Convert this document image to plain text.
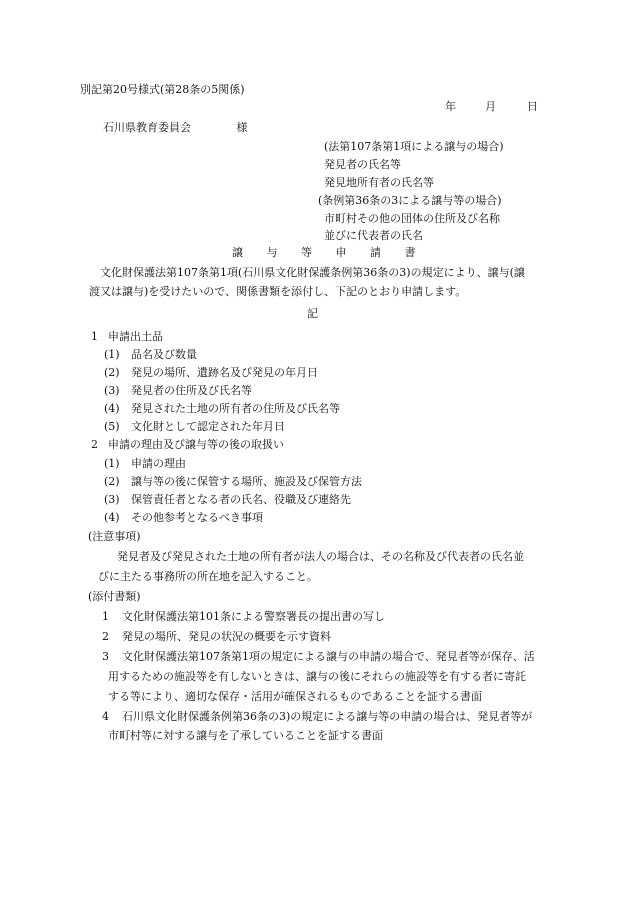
別記第20号様式(第28条の5関係)
年	月	日
石川県教育委員会	様
(法第107条第1項による譲与の場合)
発見者の氏名等
発見地所有者の氏名等
(条例第36条の3による譲与等の場合)
市町村その他の団体の住所及び名称
並びに代表者の氏名
譲 与 等 申 請 書
文化財保護法第107条第1項(石川県文化財保護条例第36条の3)の規定により、譲与(譲
渡又は譲与)を受けたいので、関係書類を添付し、下記のとおり申請します。
記
1 申請出土品
(1) 品名及び数量
(2) 発見の場所、遺跡名及び発見の年月日
(3) 発見者の住所及び氏名等
(4) 発見された土地の所有者の住所及び氏名等
(5) 文化財として認定された年月日
2 申請の理由及び譲与等の後の取扱い
(1) 申請の理由
(2) 譲与等の後に保管する場所、施設及び保管方法
(3) 保管責任者となる者の氏名、役職及び連絡先
(4) その他参考となるべき事項
(注意事項)
発見者及び発見された土地の所有者が法人の場合は、その名称及び代表者の氏名並
びに主たる事務所の所在地を記入すること。
(添付書類)
1 文化財保護法第101条による警察署長の提出書の写し
2 発見の場所、発見の状況の概要を示す資料
3 文化財保護法第107条第1項の規定による譲与の申請の場合で、発見者等が保存、活
用するための施設等を有しないときは、譲与の後にそれらの施設等を有する者に寄託
する等により、適切な保存・活用が確保されるものであることを証する書面
4 石川県文化財保護条例第36条の3)の規定による譲与等の申請の場合は、発見者等が
市町村等に対する譲与を了承していることを証する書面
